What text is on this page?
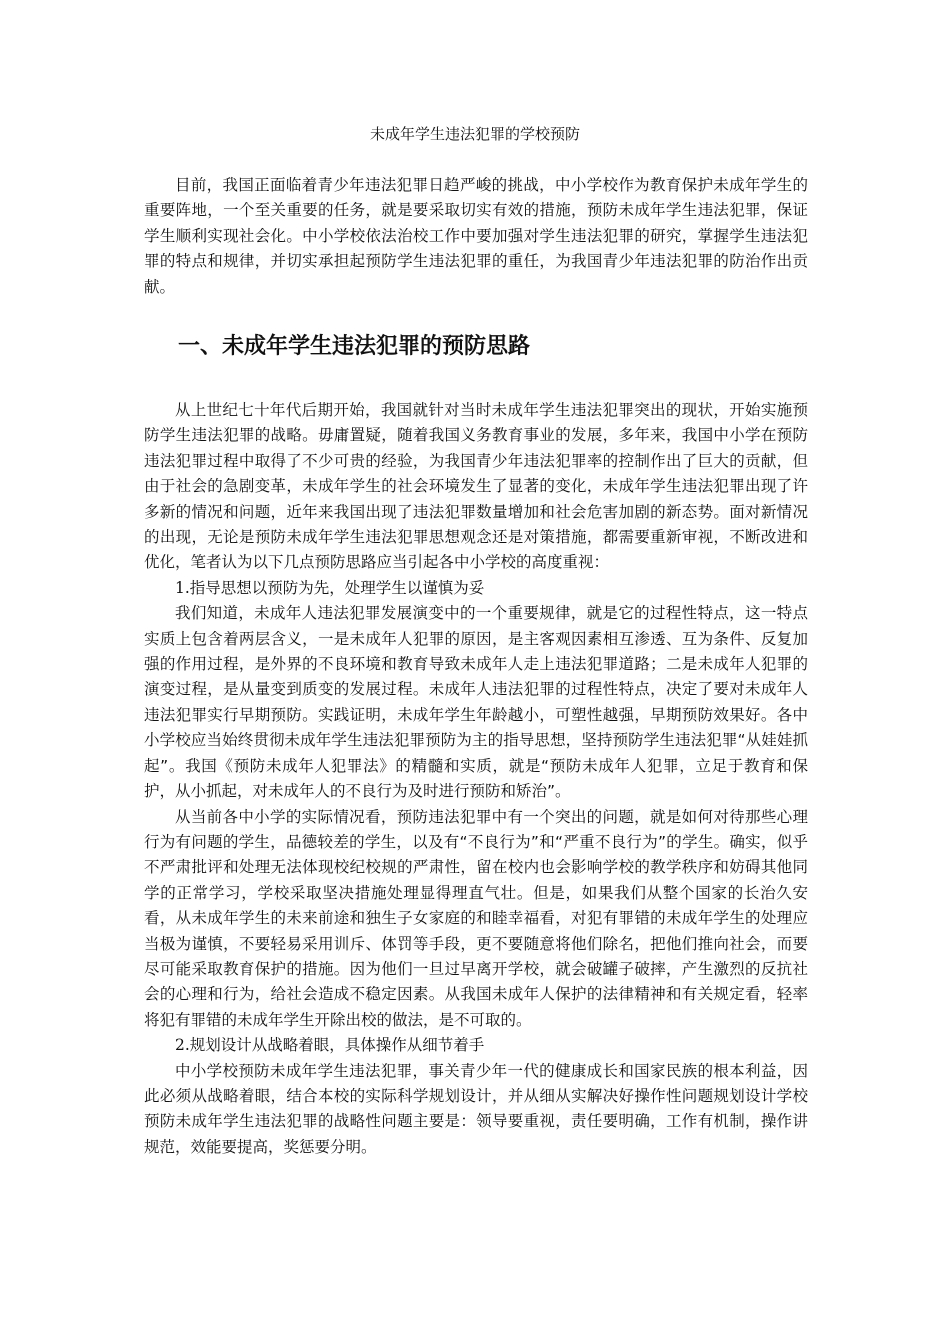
未成年学生违法犯罪的学校预防

目前，我国正面临着青少年违法犯罪日趋严峻的挑战，中小学校作为教育保护未成年学生的重要阵地，一个至关重要的任务，就是要采取切实有效的措施，预防未成年学生违法犯罪，保证学生顺利实现社会化。中小学校依法治校工作中要加强对学生违法犯罪的研究，掌握学生违法犯罪的特点和规律，并切实承担起预防学生违法犯罪的重任，为我国青少年违法犯罪的防治作出贡献。

一、未成年学生违法犯罪的预防思路

从上世纪七十年代后期开始，我国就针对当时未成年学生违法犯罪突出的现状，开始实施预防学生违法犯罪的战略。毋庸置疑，随着我国义务教育事业的发展，多年来，我国中小学在预防违法犯罪过程中取得了不少可贵的经验，为我国青少年违法犯罪率的控制作出了巨大的贡献，但由于社会的急剧变革，未成年学生的社会环境发生了显著的变化，未成年学生违法犯罪出现了许多新的情况和问题，近年来我国出现了违法犯罪数量增加和社会危害加剧的新态势。面对新情况的出现，无论是预防未成年学生违法犯罪思想观念还是对策措施，都需要重新审视，不断改进和优化，笔者认为以下几点预防思路应当引起各中小学校的高度重视：

1.指导思想以预防为先，处理学生以谨慎为妥

我们知道，未成年人违法犯罪发展演变中的一个重要规律，就是它的过程性特点，这一特点实质上包含着两层含义，一是未成年人犯罪的原因，是主客观因素相互渗透、互为条件、反复加强的作用过程，是外界的不良环境和教育导致未成年人走上违法犯罪道路；二是未成年人犯罪的演变过程，是从量变到质变的发展过程。未成年人违法犯罪的过程性特点，决定了要对未成年人违法犯罪实行早期预防。实践证明，未成年学生年龄越小，可塑性越强，早期预防效果好。各中小学校应当始终贯彻未成年学生违法犯罪预防为主的指导思想，坚持预防学生违法犯罪“从娃娃抓起”。我国《预防未成年人犯罪法》的精髓和实质，就是“预防未成年人犯罪，立足于教育和保护，从小抓起，对未成年人的不良行为及时进行预防和矫治”。

从当前各中小学的实际情况看，预防违法犯罪中有一个突出的问题，就是如何对待那些心理行为有问题的学生，品德较差的学生，以及有“不良行为”和“严重不良行为”的学生。确实，似乎不严肃批评和处理无法体现校纪校规的严肃性，留在校内也会影响学校的教学秩序和妨碍其他同学的正常学习，学校采取坚决措施处理显得理直气壮。但是，如果我们从整个国家的长治久安看，从未成年学生的未来前途和独生子女家庭的和睦幸福看，对犯有罪错的未成年学生的处理应当极为谨慎，不要轻易采用训斥、体罚等手段，更不要随意将他们除名，把他们推向社会，而要尽可能采取教育保护的措施。因为他们一旦过早离开学校，就会破罐子破摔，产生激烈的反抗社会的心理和行为，给社会造成不稳定因素。从我国未成年人保护的法律精神和有关规定看，轻率将犯有罪错的未成年学生开除出校的做法，是不可取的。

2.规划设计从战略着眼，具体操作从细节着手

中小学校预防未成年学生违法犯罪，事关青少年一代的健康成长和国家民族的根本利益，因此必须从战略着眼，结合本校的实际科学规划设计，并从细从实解决好操作性问题规划设计学校预防未成年学生违法犯罪的战略性问题主要是：领导要重视，责任要明确，工作有机制，操作讲规范，效能要提高，奖惩要分明。
